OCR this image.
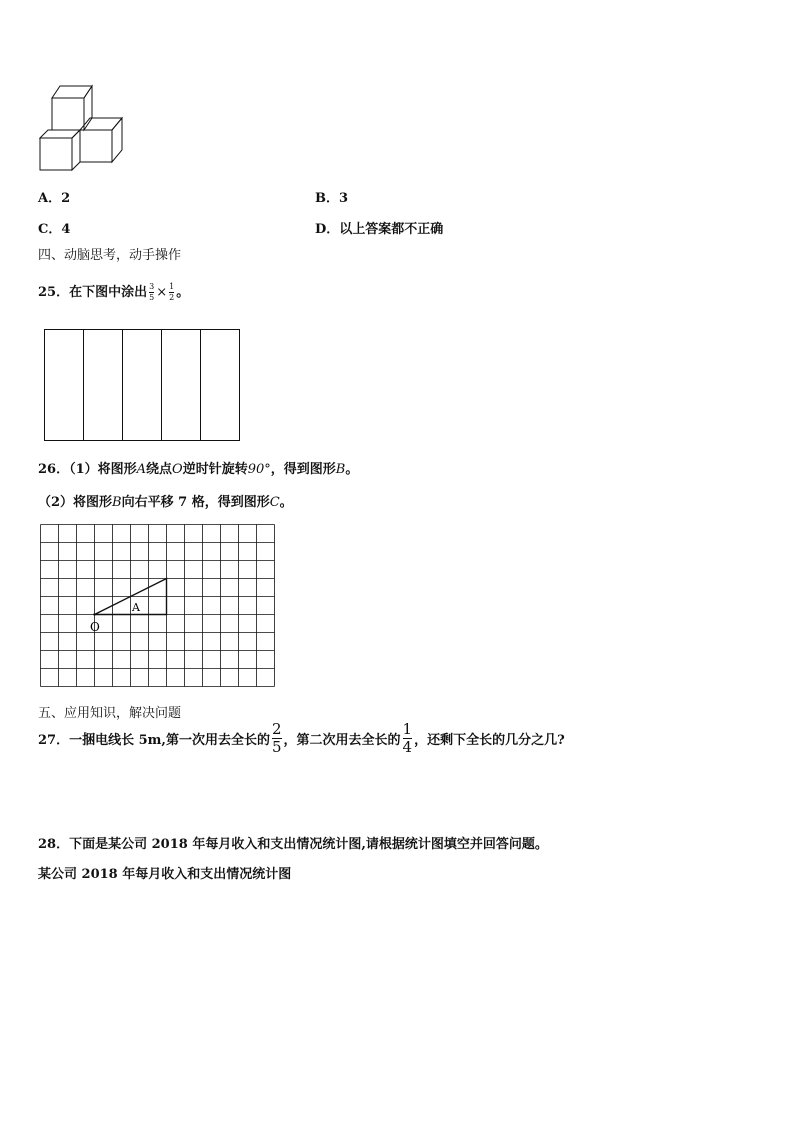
A．2	B．3
C．4	D．以上答案都不正确
四、动脑思考，动手操作
25．在下图中涂出 $\frac{3}{5} \times \frac{1}{2}$ 。
26．（1）将图形A绕点O逆时针旋转90°，得到图形B。
（2）将图形B向右平移 7 格，得到图形C。
A
O
五、应用知识，解决问题
27．一捆电线长 5m,第一次用去全长的 $\frac{2}{5}$ ，第二次用去全长的 $\frac{1}{4}$ ，还剩下全长的几分之几?
28．下面是某公司 2018 年每月收入和支出情况统计图,请根据统计图填空并回答问题。
某公司 2018 年每月收入和支出情况统计图
